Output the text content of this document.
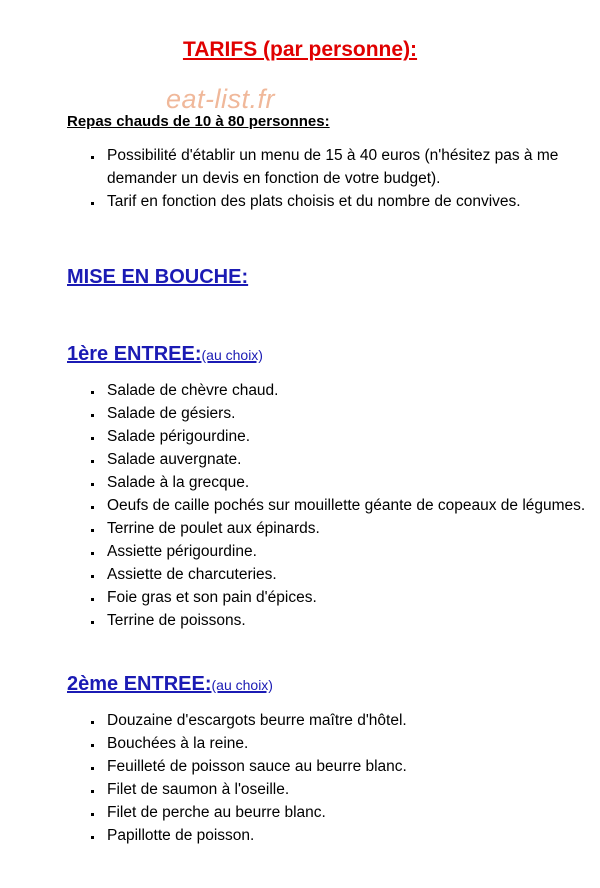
TARIFS (par personne):

eat-list.fr

Repas chauds de 10 à 80 personnes:

Possibilité d'établir un menu de 15 à 40 euros (n'hésitez pas à me demander un devis en fonction de votre budget).
Tarif en fonction des plats choisis et du nombre de convives.
MISE EN BOUCHE:
1ère ENTREE:(au choix)
Salade de chèvre chaud.
Salade de gésiers.
Salade périgourdine.
Salade auvergnate.
Salade à la grecque.
Oeufs de caille pochés sur mouillette géante de copeaux de légumes.
Terrine de poulet aux épinards.
Assiette périgourdine.
Assiette de charcuteries.
Foie gras et son pain d'épices.
Terrine de poissons.
2ème ENTREE:(au choix)
Douzaine d'escargots beurre maître d'hôtel.
Bouchées à la reine.
Feuilleté de poisson sauce au beurre blanc.
Filet de saumon à l'oseille.
Filet de perche au beurre blanc.
Papillotte de poisson.
